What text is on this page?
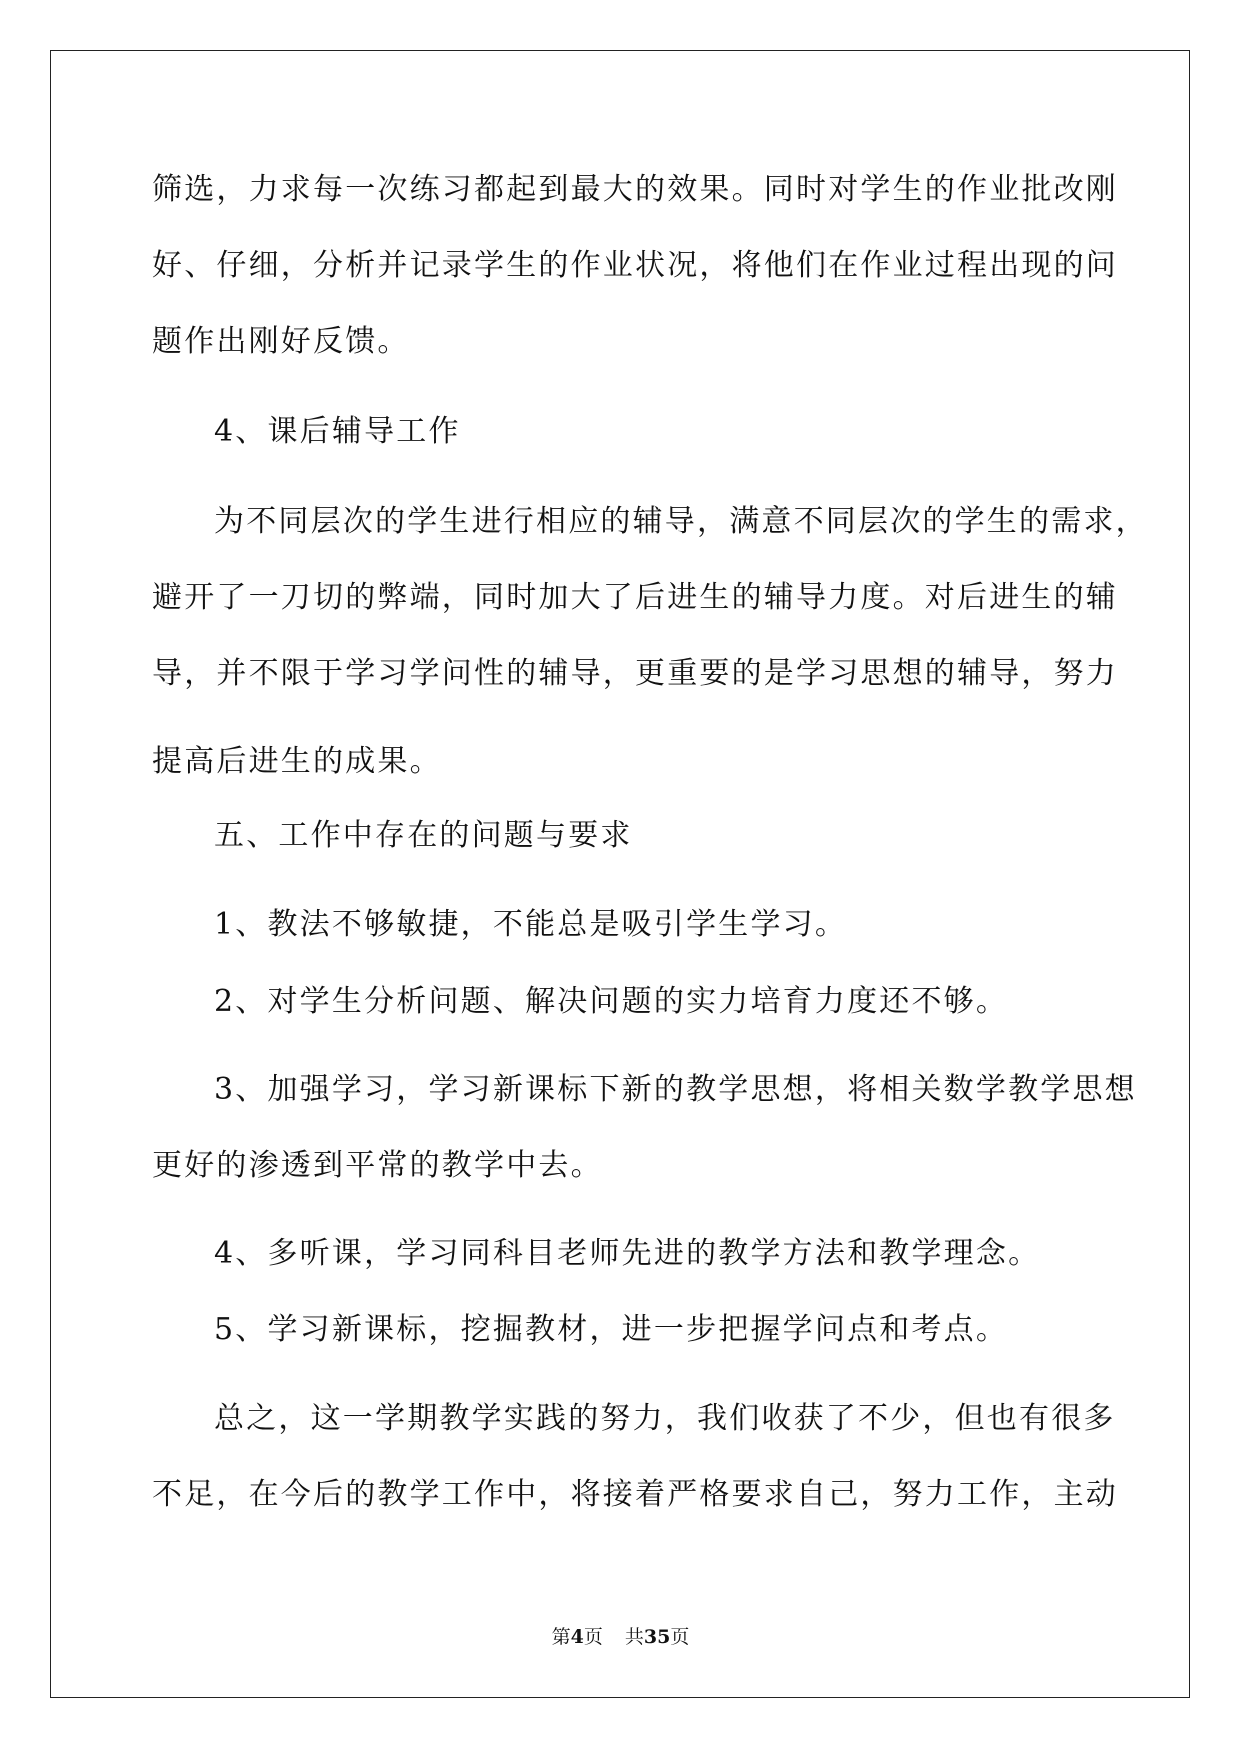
筛选，力求每一次练习都起到最大的效果。同时对学生的作业批改刚
好、仔细，分析并记录学生的作业状况，将他们在作业过程出现的问
题作出刚好反馈。
4、课后辅导工作
为不同层次的学生进行相应的辅导，满意不同层次的学生的需求，
避开了一刀切的弊端，同时加大了后进生的辅导力度。对后进生的辅
导，并不限于学习学问性的辅导，更重要的是学习思想的辅导，努力
提高后进生的成果。
五、工作中存在的问题与要求
1、教法不够敏捷，不能总是吸引学生学习。
2、对学生分析问题、解决问题的实力培育力度还不够。
3、加强学习，学习新课标下新的教学思想，将相关数学教学思想
更好的渗透到平常的教学中去。
4、多听课，学习同科目老师先进的教学方法和教学理念。
5、学习新课标，挖掘教材，进一步把握学问点和考点。
总之，这一学期教学实践的努力，我们收获了不少，但也有很多
不足，在今后的教学工作中，将接着严格要求自己，努力工作，主动
第4页 共35页
